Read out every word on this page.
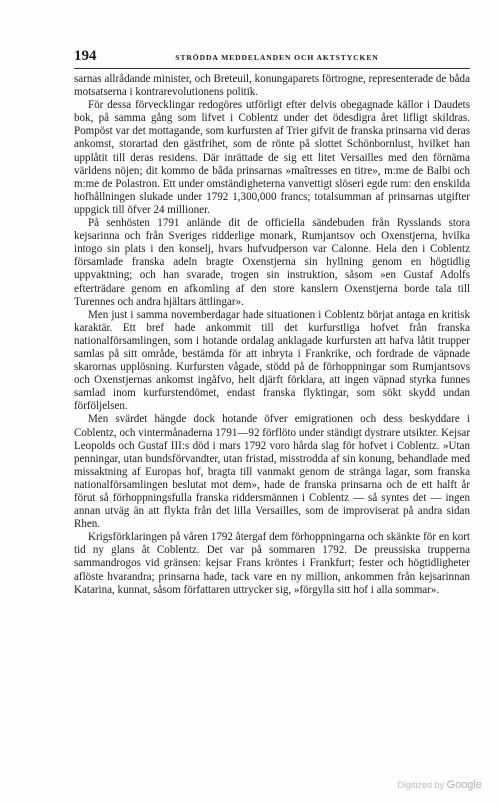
194	STRÖDDA MEDDELANDEN OCH AKTSTYCKEN

sarnas allrådande minister, och Breteuil, konungaparets förtrogne, representerade de båda motsatserna i kontrarevolutionens politik.

För dessa förvecklingar redogöres utförligt efter delvis obegagnade källor i Daudets bok, på samma gång som lifvet i Coblentz under det ödesdigra året lifligt skildras. Pompöst var det mottagande, som kurfursten af Trier gifvit de franska prinsarna vid deras ankomst, storartad den gästfrihet, som de rönte på slottet Schönbornlust, hvilket han upplåtit till deras residens. Där inrättade de sig ett litet Versailles med den förnäma världens nöjen; dit kommo de båda prinsarnas »maîtresses en titre», m:me de Balbi och m:me de Polastron. Ett under omständigheterna vanvettigt slöseri egde rum: den enskilda hofhållningen slukade under 1792 1,300,000 francs; totalsumman af prinsarnas utgifter uppgick till öfver 24 millioner.

På senhösten 1791 anlände dit de officiella sändebuden från Rysslands stora kejsarinna och från Sveriges ridderlige monark, Rumjantsov och Oxenstjerna, hvilka intogo sin plats i den konselj, hvars hufvudperson var Calonne. Hela den i Coblentz församlade franska adeln bragte Oxenstjerna sin hyllning genom en högtidlig uppvaktning; och han svarade, trogen sin instruktion, såsom »en Gustaf Adolfs efterträdare genom en afkomling af den store kanslern Oxenstjerna borde tala till Turennes och andra hjältars ättlingar».

Men just i samma novemberdagar hade situationen i Coblentz börjat antaga en kritisk karaktär. Ett bref hade ankommit till det kurfurstliga hofvet från franska nationalförsamlingen, som i hotande ordalag anklagade kurfursten att hafva låtit trupper samlas på sitt område, bestämda för att inbryta i Frankrike, och fordrade de väpnade skarornas upplösning. Kurfursten vågade, stödd på de förhoppningar som Rumjantsovs och Oxenstjernas ankomst ingåfvo, helt djärft förklara, att ingen väpnad styrka funnes samlad inom kurfurstendömet, endast franska flyktingar, som sökt skydd undan förföljelsen.

Men svärdet hängde dock hotande öfver emigrationen och dess beskyddare i Coblentz, och vintermånaderna 1791—92 förflöto under ständigt dystrare utsikter. Kejsar Leopolds och Gustaf III:s död i mars 1792 voro hårda slag för hofvet i Coblentz. »Utan penningar, utan bundsförvandter, utan fristad, misstrodda af sin konung, behandlade med missaktning af Europas hof, bragta till vanmakt genom de stränga lagar, som franska nationalförsamlingen beslutat mot dem», hade de franska prinsarna och de ett halft år förut så förhoppningsfulla franska riddersmännen i Coblentz — så syntes det — ingen annan utväg än att flykta från det lilla Versailles, som de improviserat på andra sidan Rhen.

Krigsförklaringen på våren 1792 återgaf dem förhoppningarna och skänkte för en kort tid ny glans åt Coblentz. Det var på sommaren 1792. De preussiska trupperna sammandrogos vid gränsen: kejsar Frans kröntes i Frankfurt; fester och högtidligheter aflöste hvarandra; prinsarna hade, tack vare en ny million, ankommen från kejsarinnan Katarina, kunnat, såsom författaren uttrycker sig, »förgylla sitt hof i alla sommar».

Digitized by Google
